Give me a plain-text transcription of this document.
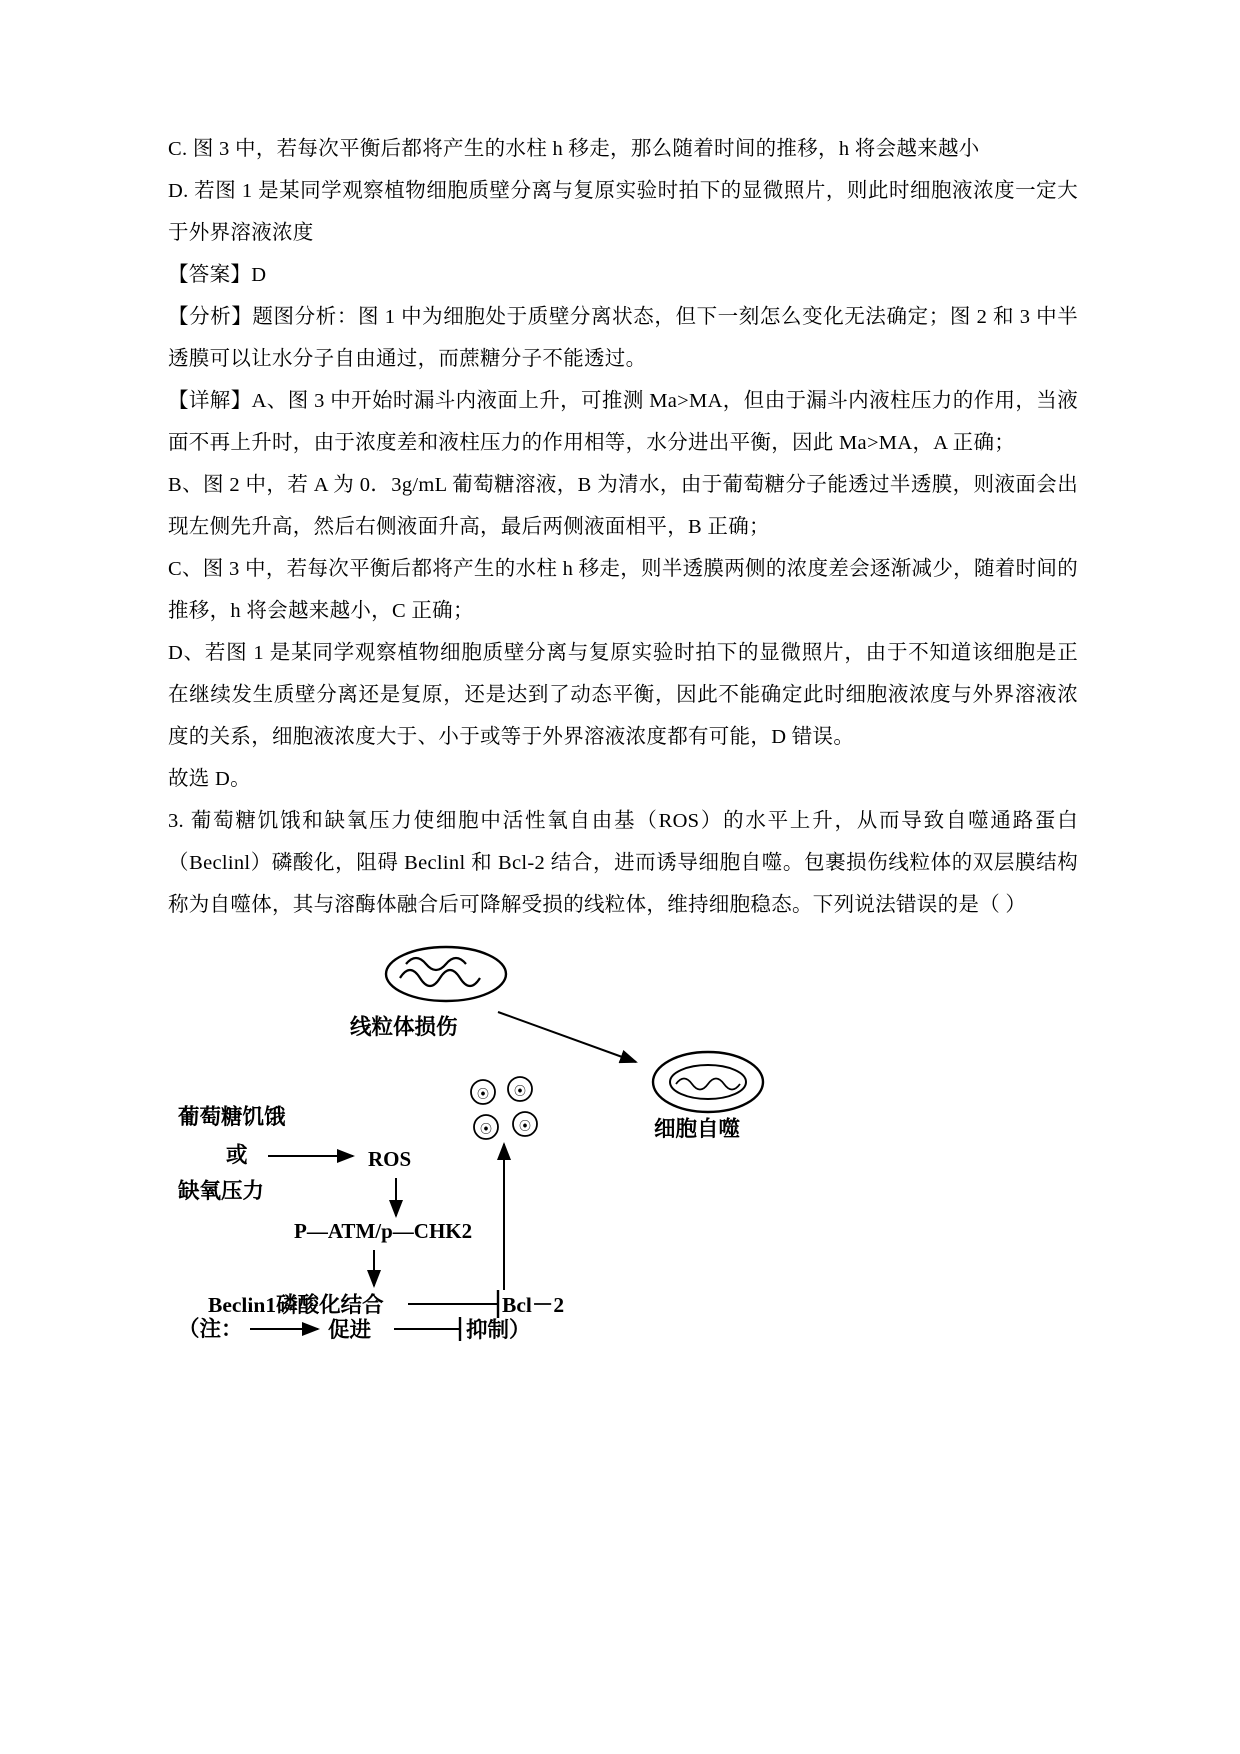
C. 图 3 中，若每次平衡后都将产生的水柱 h 移走，那么随着时间的推移，h 将会越来越小

D. 若图 1 是某同学观察植物细胞质壁分离与复原实验时拍下的显微照片，则此时细胞液浓度一定大于外界溶液浓度

【答案】D

【分析】题图分析：图 1 中为细胞处于质壁分离状态，但下一刻怎么变化无法确定；图 2 和 3 中半透膜可以让水分子自由通过，而蔗糖分子不能透过。

【详解】A、图 3 中开始时漏斗内液面上升，可推测 Ma>MA，但由于漏斗内液柱压力的作用，当液面不再上升时，由于浓度差和液柱压力的作用相等，水分进出平衡，因此 Ma>MA，A 正确；

B、图 2 中，若 A 为 0．3g/mL 葡萄糖溶液，B 为清水，由于葡萄糖分子能透过半透膜，则液面会出现左侧先升高，然后右侧液面升高，最后两侧液面相平，B 正确；

C、图 3 中，若每次平衡后都将产生的水柱 h 移走，则半透膜两侧的浓度差会逐渐减少，随着时间的推移，h 将会越来越小，C 正确；

D、若图 1 是某同学观察植物细胞质壁分离与复原实验时拍下的显微照片，由于不知道该细胞是正在继续发生质壁分离还是复原，还是达到了动态平衡，因此不能确定此时细胞液浓度与外界溶液浓度的关系，细胞液浓度大于、小于或等于外界溶液浓度都有可能，D 错误。

故选 D。

3. 葡萄糖饥饿和缺氧压力使细胞中活性氧自由基（ROS）的水平上升，从而导致自噬通路蛋白（Beclinl）磷酸化，阻碍 Beclinl 和 Bcl-2 结合，进而诱导细胞自噬。包裹损伤线粒体的双层膜结构称为自噬体，其与溶酶体融合后可降解受损的线粒体，维持细胞稳态。下列说法错误的是（ ）

线粒体损伤
细胞自噬
⦿ ⦿
⦿ ⦿
葡萄糖饥饿
或
缺氧压力
ROS
P—ATM/p—CHK2
Beclin1磷酸化结合	Bcl－2
（注：	促进	抑制）
